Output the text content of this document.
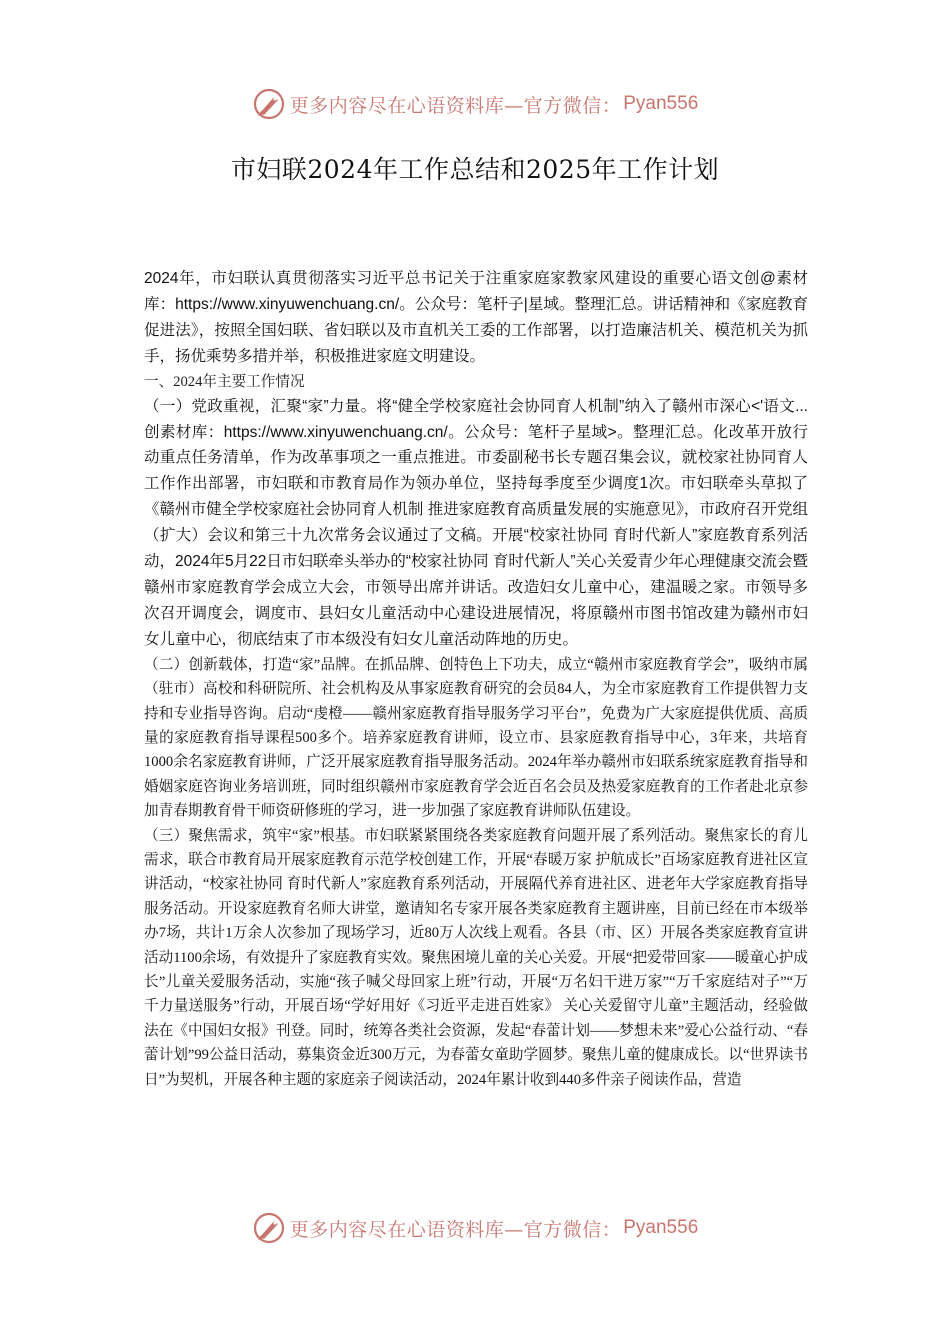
更多内容尽在心语资料库—官方微信： Pyan556
市妇联2024年工作总结和2025年工作计划

2024年，市妇联认真贯彻落实习近平总书记关于注重家庭家教家风建设的重要心语文创@素材库：https://www.xinyuwenchuang.cn/。公众号：笔杆子|星域。整理汇总。讲话精神和《家庭教育促进法》，按照全国妇联、省妇联以及市直机关工委的工作部署，以打造廉洁机关、模范机关为抓手，扬优乘势多措并举，积极推进家庭文明建设。

一、2024年主要工作情况

（一）党政重视，汇聚“家”力量。将“健全学校家庭社会协同育人机制”纳入了赣州市深心<'语文...创素材库：https://www.xinyuwenchuang.cn/。公众号：笔杆子星域>。整理汇总。化改革开放行动重点任务清单，作为改革事项之一重点推进。市委副秘书长专题召集会议，就校家社协同育人工作作出部署，市妇联和市教育局作为领办单位，坚持每季度至少调度1次。市妇联牵头草拟了《赣州市健全学校家庭社会协同育人机制 推进家庭教育高质量发展的实施意见》，市政府召开党组（扩大）会议和第三十九次常务会议通过了文稿。开展“校家社协同 育时代新人”家庭教育系列活动，2024年5月22日市妇联牵头举办的“校家社协同 育时代新人”关心关爱青少年心理健康交流会暨赣州市家庭教育学会成立大会，市领导出席并讲话。改造妇女儿童中心，建温暖之家。市领导多次召开调度会，调度市、县妇女儿童活动中心建设进展情况，将原赣州市图书馆改建为赣州市妇女儿童中心，彻底结束了市本级没有妇女儿童活动阵地的历史。

（二）创新载体，打造“家”品牌。在抓品牌、创特色上下功夫，成立“赣州市家庭教育学会”，吸纳市属（驻市）高校和科研院所、社会机构及从事家庭教育研究的会员84人，为全市家庭教育工作提供智力支持和专业指导咨询。启动“虔橙——赣州家庭教育指导服务学习平台”，免费为广大家庭提供优质、高质量的家庭教育指导课程500多个。培养家庭教育讲师，设立市、县家庭教育指导中心，3年来，共培育1000余名家庭教育讲师，广泛开展家庭教育指导服务活动。2024年举办赣州市妇联系统家庭教育指导和婚姻家庭咨询业务培训班，同时组织赣州市家庭教育学会近百名会员及热爱家庭教育的工作者赴北京参加青春期教育骨干师资研修班的学习，进一步加强了家庭教育讲师队伍建设。

（三）聚焦需求，筑牢“家”根基。市妇联紧紧围绕各类家庭教育问题开展了系列活动。聚焦家长的育儿需求，联合市教育局开展家庭教育示范学校创建工作，开展“春暖万家 护航成长”百场家庭教育进社区宣讲活动，“校家社协同 育时代新人”家庭教育系列活动，开展隔代养育进社区、进老年大学家庭教育指导服务活动。开设家庭教育名师大讲堂，邀请知名专家开展各类家庭教育主题讲座，目前已经在市本级举办7场，共计1万余人次参加了现场学习，近80万人次线上观看。各县（市、区）开展各类家庭教育宣讲活动1100余场，有效提升了家庭教育实效。聚焦困境儿童的关心关爱。开展“把爱带回家——暖童心护成长”儿童关爱服务活动，实施“孩子喊父母回家上班”行动，开展“万名妇干进万家”“万千家庭结对子”“万千力量送服务”行动，开展百场“学好用好《习近平走进百姓家》 关心关爱留守儿童”主题活动，经验做法在《中国妇女报》刊登。同时，统筹各类社会资源，发起“春蕾计划——梦想未来”爱心公益行动、“春蕾计划”99公益日活动，募集资金近300万元，为春蕾女童助学圆梦。聚焦儿童的健康成长。以“世界读书日”为契机，开展各种主题的家庭亲子阅读活动，2024年累计收到440多件亲子阅读作品，营造

更多内容尽在心语资料库—官方微信： Pyan556
